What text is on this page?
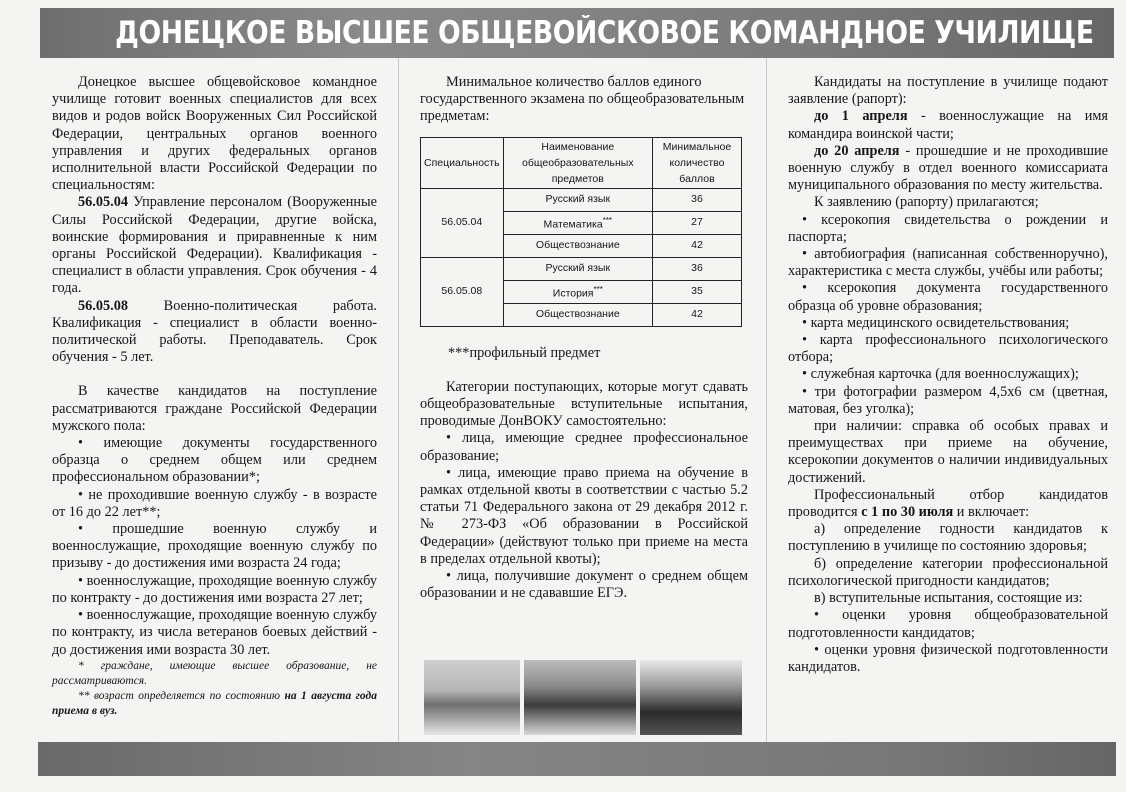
ДОНЕЦКОЕ ВЫСШЕЕ ОБЩЕВОЙСКОВОЕ КОМАНДНОЕ УЧИЛИЩЕ

Донецкое высшее общевойсковое командное училище готовит военных специалистов для всех видов и родов войск Вооруженных Сил Российской Федерации, центральных органов военного управления и других федеральных органов исполнительной власти Российской Федерации по специальностям:

56.05.04 Управление персоналом (Вооруженные Силы Российской Федерации, другие войска, воинские формирования и приравненные к ним органы Российской Федерации). Квалификация - специалист в области управления. Срок обучения - 4 года.

56.05.08 Военно-политическая работа. Квалификация - специалист в области военно-политической работы. Преподаватель. Срок обучения - 5 лет.

В качестве кандидатов на поступление рассматриваются граждане Российской Федерации мужского пола:

• имеющие документы государственного образца о среднем общем или среднем профессиональном образовании*;

• не проходившие военную службу - в возрасте от 16 до 22 лет**;

• прошедшие военную службу и военнослужащие, проходящие военную службу по призыву - до достижения ими возраста 24 года;

• военнослужащие, проходящие военную службу по контракту - до достижения ими возраста 27 лет;

• военнослужащие, проходящие военную службу по контракту, из числа ветеранов боевых действий - до достижения ими возраста 30 лет.

* граждане, имеющие высшее образование, не рассматриваются.

** возраст определяется по состоянию на 1 августа года приема в вуз.

Минимальное количество баллов единого государственного экзамена по общеобразовательным предметам:

Специальность	Наименование общеобразовательных предметов	Минимальное количество баллов
56.05.04	Русский язык	36
	Математика***	27
	Обществознание	42
56.05.08	Русский язык	36
	История***	35
	Обществознание	42

***профильный предмет

Категории поступающих, которые могут сдавать общеобразовательные вступительные испытания, проводимые ДонВОКУ самостоятельно:

• лица, имеющие среднее профессиональное образование;

• лица, имеющие право приема на обучение в рамках отдельной квоты в соответствии с частью 5.2 статьи 71 Федерального закона от 29 декабря 2012 г. № 273-ФЗ «Об образовании в Российской Федерации» (действуют только при приеме на места в пределах отдельной квоты);

• лица, получившие документ о среднем общем образовании и не сдававшие ЕГЭ.

Кандидаты на поступление в училище подают заявление (рапорт):

до 1 апреля - военнослужащие на имя командира воинской части;

до 20 апреля - прошедшие и не проходившие военную службу в отдел военного комиссариата муниципального образования по месту жительства.

К заявлению (рапорту) прилагаются;

• ксерокопия свидетельства о рождении и паспорта;

• автобиография (написанная собственноручно), характеристика с места службы, учёбы или работы;

• ксерокопия документа государственного образца об уровне образования;

• карта медицинского освидетельствования;

• карта профессионального психологического отбора;

• служебная карточка (для военнослужащих);

• три фотографии размером 4,5х6 см (цветная, матовая, без уголка);

при наличии: справка об особых правах и преимуществах при приеме на обучение, ксерокопии документов о наличии индивидуальных достижений.

Профессиональный отбор кандидатов проводится с 1 по 30 июля и включает:

а) определение годности кандидатов к поступлению в училище по состоянию здоровья;

б) определение категории профессиональной психологической пригодности кандидатов;

в) вступительные испытания, состоящие из:

• оценки уровня общеобразовательной подготовленности кандидатов;

• оценки уровня физической подготовленности кандидатов.
